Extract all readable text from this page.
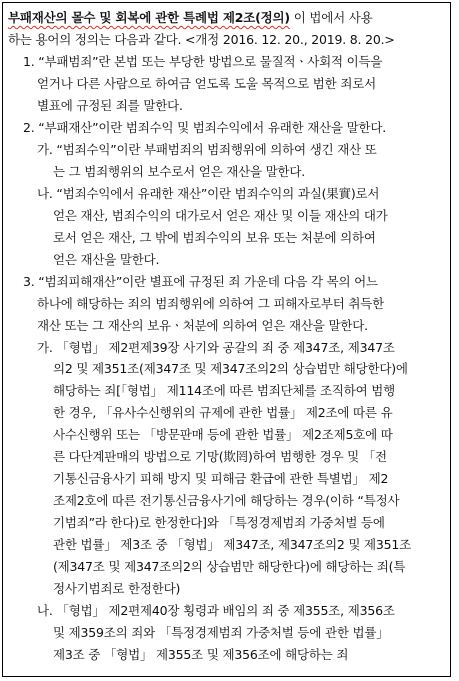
부패재산의 몰수 및 회복에 관한 특례법 제2조(정의) 이 법에서 사용
하는 용어의 정의는 다음과 같다. <개정 2016. 12. 20., 2019. 8. 20.>
1. “부패범죄”란 본법 또는 부당한 방법으로 물질적ㆍ사회적 이득을
얻거나 다른 사람으로 하여금 얻도록 도울 목적으로 범한 죄로서
별표에 규정된 죄를 말한다.
2. “부패재산”이란 범죄수익 및 범죄수익에서 유래한 재산을 말한다.
가. “범죄수익”이란 부패범죄의 범죄행위에 의하여 생긴 재산 또
는 그 범죄행위의 보수로서 얻은 재산을 말한다.
나. “범죄수익에서 유래한 재산”이란 범죄수익의 과실(果實)로서
얻은 재산, 범죄수익의 대가로서 얻은 재산 및 이들 재산의 대가
로서 얻은 재산, 그 밖에 범죄수익의 보유 또는 처분에 의하여
얻은 재산을 말한다.
3. “범죄피해재산”이란 별표에 규정된 죄 가운데 다음 각 목의 어느
하나에 해당하는 죄의 범죄행위에 의하여 그 피해자로부터 취득한
재산 또는 그 재산의 보유ㆍ처분에 의하여 얻은 재산을 말한다.
가. 「형법」 제2편제39장 사기와 공갈의 죄 중 제347조, 제347조
의2 및 제351조(제347조 및 제347조의2의 상습범만 해당한다)에
해당하는 죄[「형법」 제114조에 따른 범죄단체를 조직하여 범행
한 경우, 「유사수신행위의 규제에 관한 법률」 제2조에 따른 유
사수신행위 또는 「방문판매 등에 관한 법률」 제2조제5호에 따
른 다단계판매의 방법으로 기망(欺罔)하여 범행한 경우 및 「전
기통신금융사기 피해 방지 및 피해금 환급에 관한 특별법」 제2
조제2호에 따른 전기통신금융사기에 해당하는 경우(이하 “특정사
기범죄”라 한다)로 한정한다]와 「특정경제범죄 가중처벌 등에
관한 법률」 제3조 중 「형법」 제347조, 제347조의2 및 제351조
(제347조 및 제347조의2의 상습범만 해당한다)에 해당하는 죄(특
정사기범죄로 한정한다)
나. 「형법」 제2편제40장 횡령과 배임의 죄 중 제355조, 제356조
및 제359조의 죄와 「특정경제범죄 가중처벌 등에 관한 법률」
제3조 중 「형법」 제355조 및 제356조에 해당하는 죄
